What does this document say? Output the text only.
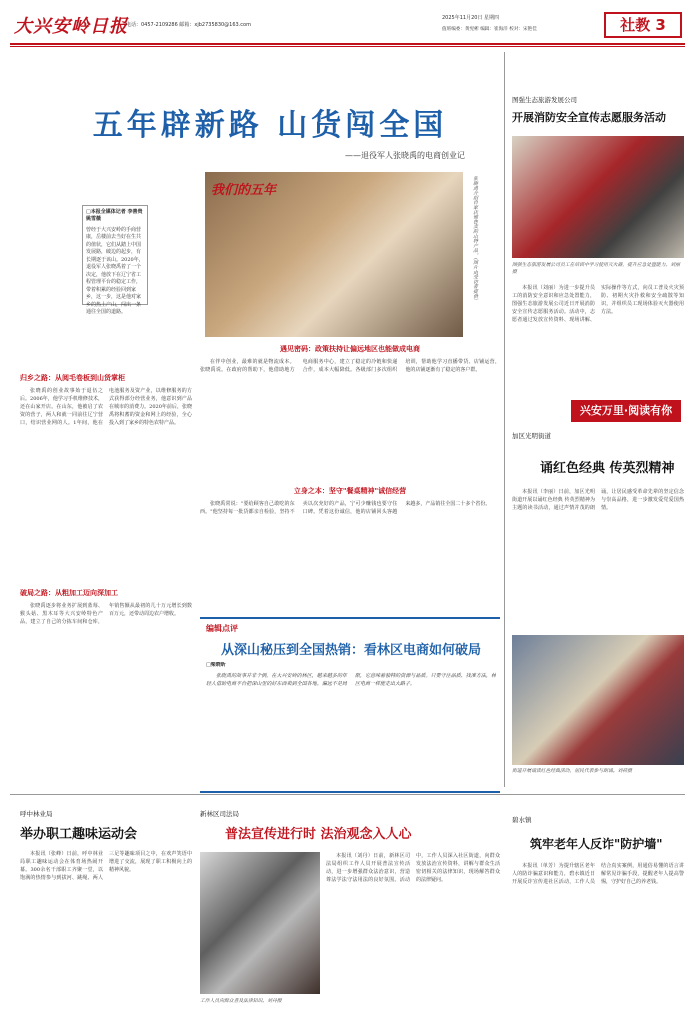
大兴安岭日报
电话：0457-2109286 邮箱：xjb2735830@163.com
2025年11月20日 星期四
值班编委：黄宪彬 编辑：崔海洋 校对：宋艳佳	社教 3
五年辟新路 山货闯全国
——退役军人张晓禹的电商创业记
我们的五年	张晓禹介绍自家店铺售卖的山特产品。（图片由受访者提供）
□本报全媒体记者 李善贵 姚雪薇
曾经于大兴安岭的手商营康，岳楼前去当好在生共的值状，它们从踏上中国发展路，破边的起步，有长期逐于该山。2020年，退役军人张晓禹着了一个决定，他放下在辽宁省工程管理平台的稳定工作，带着积累的经验回到家乡，这一步，这是他对家乡的热土产山，闯出一条通往全国的道路。
归乡之路：从阅毛卷板到山货掌柜
张晓禹的创业故事始于退伍之后。2006年，他学习手机维修技术，还在山家开店。在山东，他被启了农资的营子，两人和就一同前往辽宁营口，结识营业网的人。1年间，他在电池服务及资产业，以维修服务的方式获得部分经营业务，他意识到产品在城市的消费力。2020年前后，张晓禹将积蓄的资金和网上的经验，全心投入到了家乡的特色农特产品。
破局之路：从粗加工迈向深加工
张晓禹逐步将业务扩展到蓝莓、猴头菇、黑木耳等大兴安岭特色产品，建立了自己的分拣车间和仓库，年销售额从最初的几十万元增长到数百万元，还带动周边农户增收。
遇见密码：政策扶持让偏远地区也能做成电商
在伴中创业，最难的就是物流成本。张晓禹说。在政府的帮助下，他借助地方电商服务中心，建立了稳定的冷链和快递合作，成本大幅降低。各级部门多次组织培训，帮助他学习直播带货、店铺运营，他的店铺逐渐有了稳定的客户群。
立身之本：坚守"餐桌精神"诚信经营
张晓禹常说："要给顾客自己敢吃的东西。"他坚持每一批货都亲自检验，坚持不卖以次充好的产品，宁可少赚钱也要守住口碑。凭着这份诚信，他的店铺回头客越来越多，产品销往全国二十多个省份。
编辑点评
从深山秘压到全国热销：看林区电商如何破局
□梁晓昕
张晓禹的故事并非个例。在大兴安岭的林区，越来越多的年轻人借助电商平台把深山里的好东西卖到全国各地。偏远不是局限，它意味着独特的资源与品质。只要守住品质、找准方法，林区电商一样能走出大路子。
图强生态旅游发展公司
开展消防安全宣传志愿服务活动
图强生态旅游发展公司员工在培训中学习使用灭火器，提升应急处置能力。刘丽摄
本报讯（刘丽）为进一步提升员工的消防安全意识和应急处置能力，图强生态旅游发展公司近日开展消防安全宣传志愿服务活动。活动中，志愿者通过发放宣传资料、现场讲解、实际操作等方式，向员工普及火灾预防、初期火灾扑救和安全疏散等知识，并组织员工现场体验灭火器使用方法。
兴安万里·阅读有你
加区光明街道
诵红色经典 传英烈精神
本报讯（李丽）日前，加区光明街道开展以诵红色经典 传英烈精神为主题的读书活动，通过声情并茂的朗诵，让居民感受革命先辈的坚定信念与崇高品格，进一步激发爱党爱国热情。
街道开展诵读红色经典活动，居民代表参与朗诵。刘荷摄
呼中林业局
举办职工趣味运动会
本报讯（张峰）日前，呼中林业局职工趣味运动会在体育场热闹开幕。300余名干部职工齐聚一堂，以饱满的热情参与到拔河、跳绳、两人三足等趣味项目之中，在欢声笑语中增进了交流，展现了职工积极向上的精神风貌。
新林区司法局
普法宣传进行时 法治观念入人心
工作人员向群众普及法律知识。刘丹摄
本报讯（刘丹）日前，新林区司法局组织工作人员开展普法宣传活动，进一步增强群众法治意识，营造尊法学法守法用法的良好氛围。活动中，工作人员深入社区街道，向群众发放法治宣传资料，讲解与群众生活密切相关的法律知识，现场解答群众的法律疑问。
碧水镇
筑牢老年人反诈"防护墙"
本报讯（单芳）为提升辖区老年人的防诈骗意识和能力，碧水镇近日开展反诈宣传进社区活动，工作人员结合真实案例，用通俗易懂的语言讲解常见诈骗手段，提醒老年人提高警惕，守护好自己的养老钱。
